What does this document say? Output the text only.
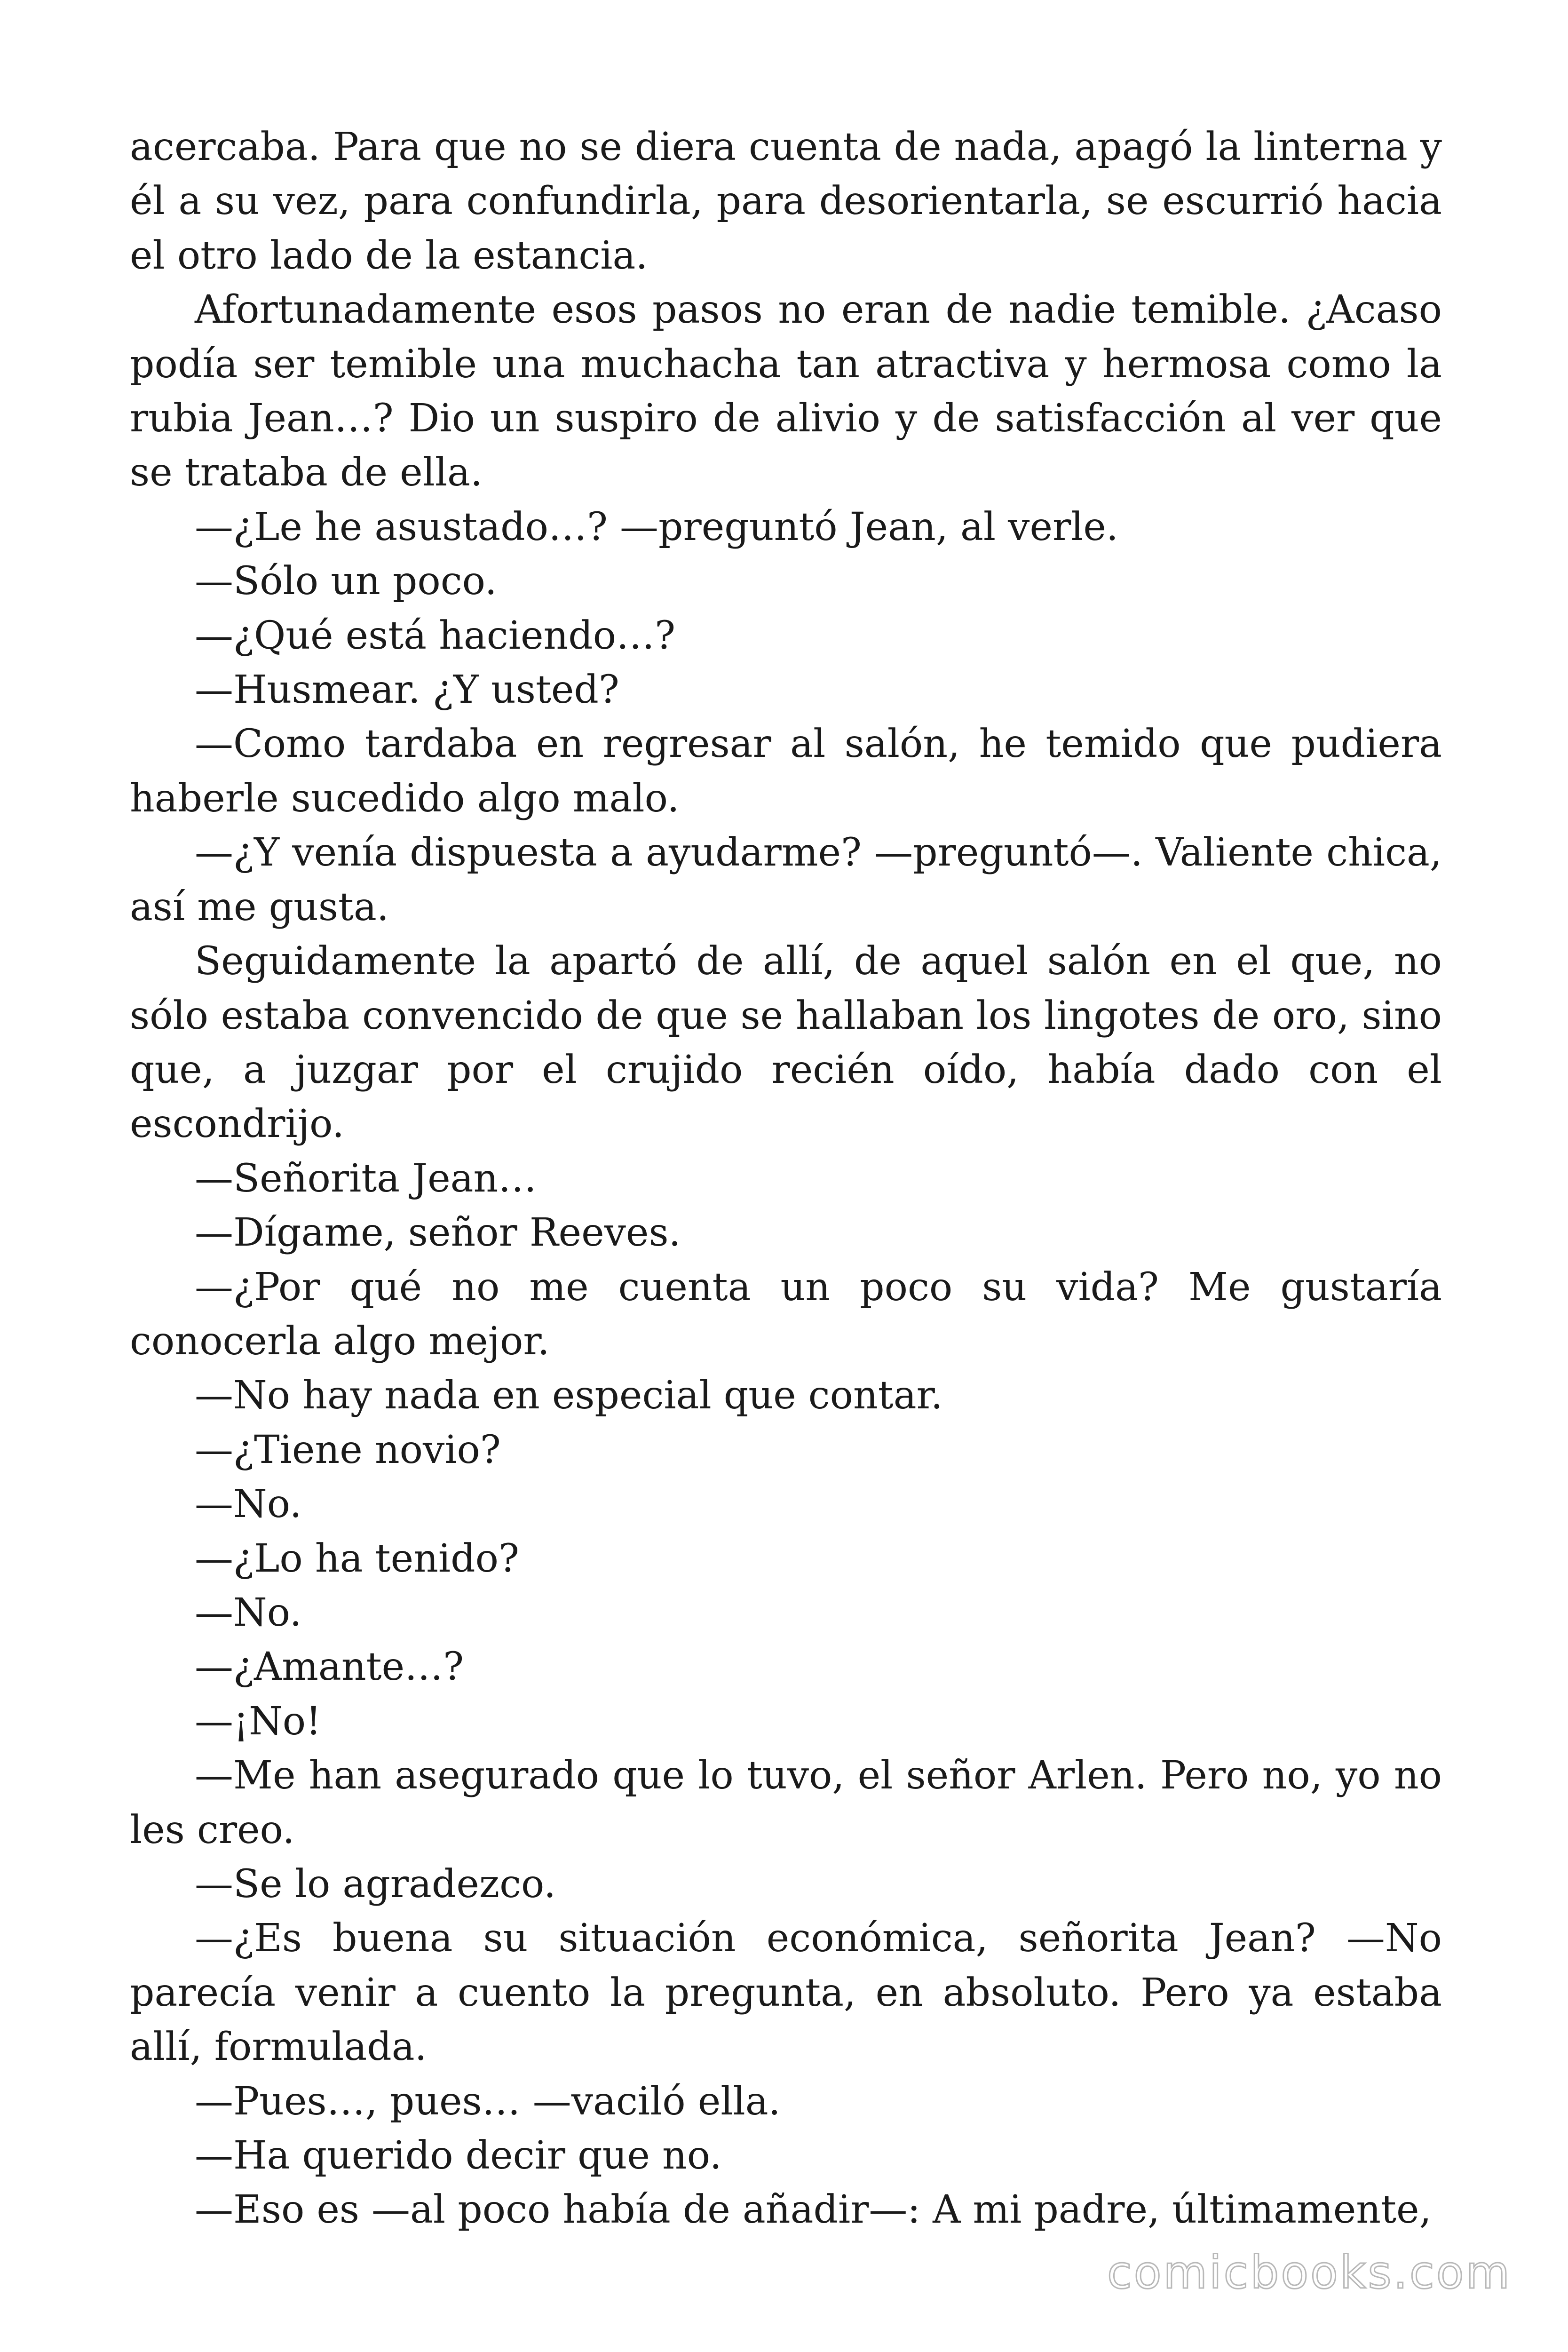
acercaba. Para que no se diera cuenta de nada, apagó la linterna y él a su vez, para confundirla, para desorientarla, se escurrió hacia el otro lado de la estancia.

Afortunadamente esos pasos no eran de nadie temible. ¿Acaso podía ser temible una muchacha tan atractiva y hermosa como la rubia Jean…? Dio un suspiro de alivio y de satisfacción al ver que se trataba de ella.

—¿Le he asustado…? —preguntó Jean, al verle.

—Sólo un poco.

—¿Qué está haciendo…?

—Husmear. ¿Y usted?

—Como tardaba en regresar al salón, he temido que pudiera haberle sucedido algo malo.

—¿Y venía dispuesta a ayudarme? —preguntó—. Valiente chica, así me gusta.

Seguidamente la apartó de allí, de aquel salón en el que, no sólo estaba convencido de que se hallaban los lingotes de oro, sino que, a juzgar por el crujido recién oído, había dado con el escondrijo.

—Señorita Jean…

—Dígame, señor Reeves.

—¿Por qué no me cuenta un poco su vida? Me gustaría conocerla algo mejor.

—No hay nada en especial que contar.

—¿Tiene novio?

—No.

—¿Lo ha tenido?

—No.

—¿Amante…?

—¡No!

—Me han asegurado que lo tuvo, el señor Arlen. Pero no, yo no les creo.

—Se lo agradezco.

—¿Es buena su situación económica, señorita Jean? —No parecía venir a cuento la pregunta, en absoluto. Pero ya estaba allí, formulada.

—Pues…, pues… —vaciló ella.

—Ha querido decir que no.

—Eso es —al poco había de añadir—: A mi padre, últimamente,

comicbooks.com
